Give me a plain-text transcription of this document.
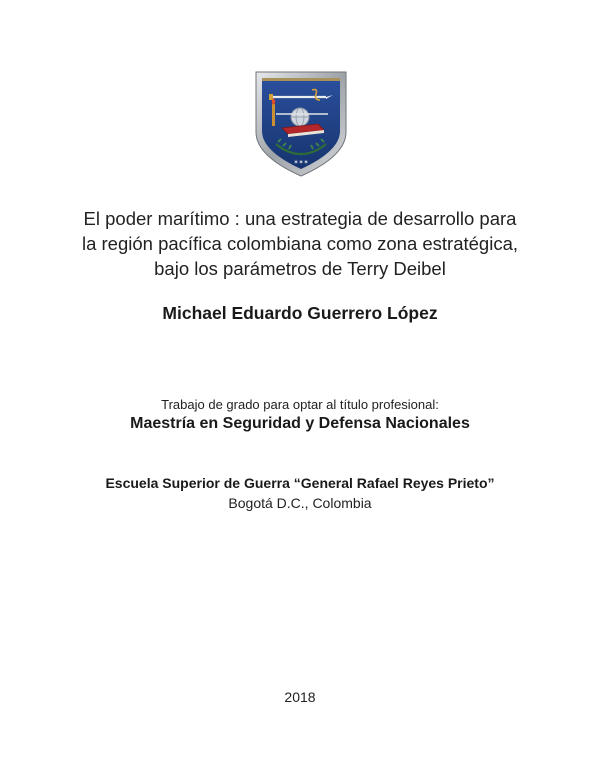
✶✶✶
El poder marítimo : una estrategia de desarrollo para
la región pacífica colombiana como zona estratégica,
bajo los parámetros de Terry Deibel
Michael Eduardo Guerrero López
Trabajo de grado para optar al título profesional:
Maestría en Seguridad y Defensa Nacionales
Escuela Superior de Guerra “General Rafael Reyes Prieto”
Bogotá D.C., Colombia
2018
